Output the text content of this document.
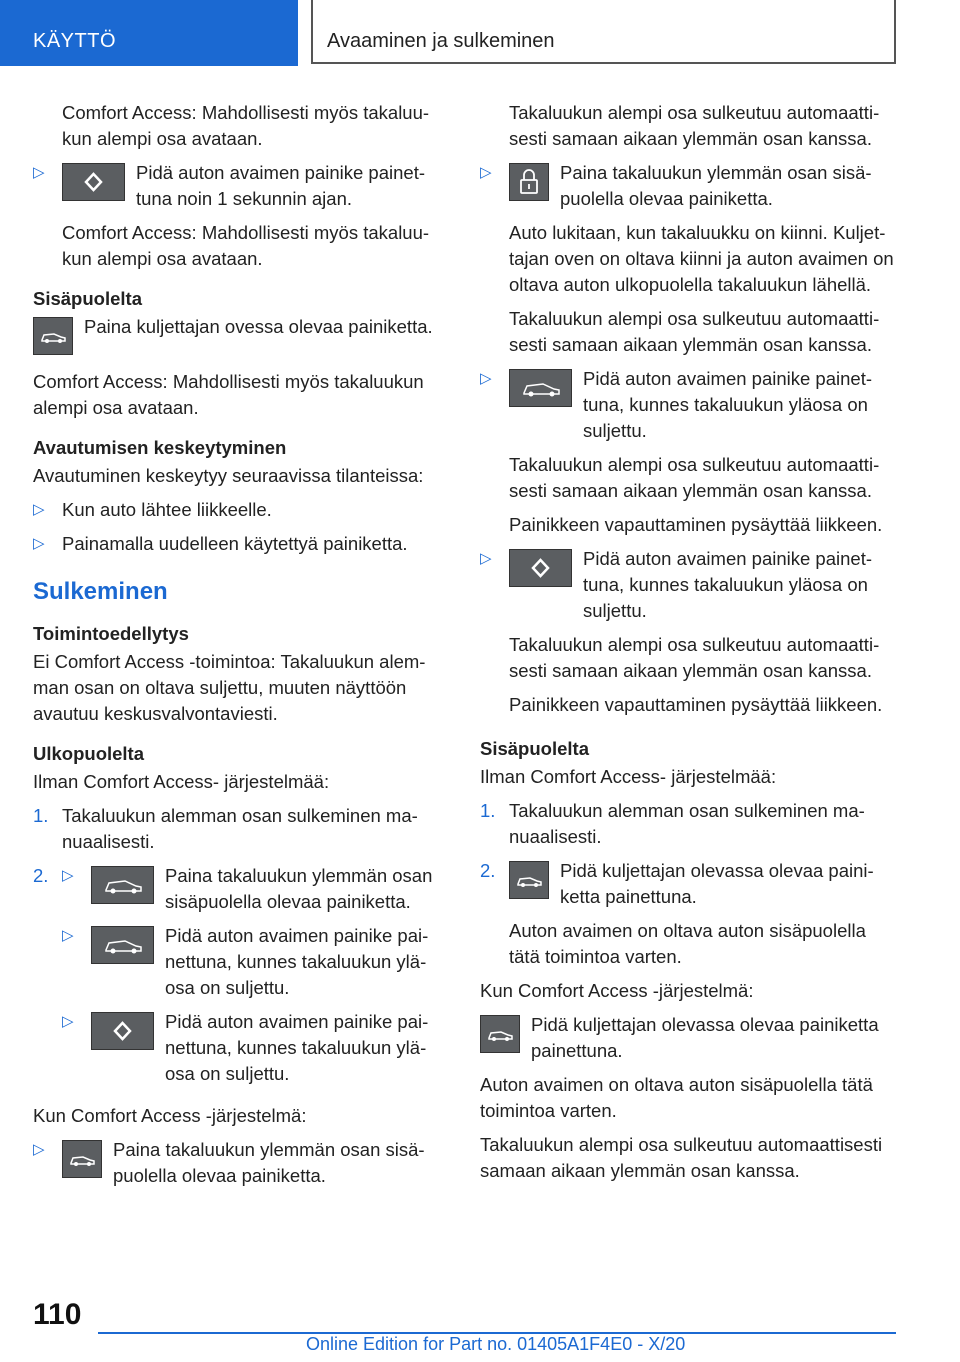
KÄYTTÖ	Avaaminen ja sulkeminen

Comfort Access: Mahdollisesti myös takaluukun alempi osa avataan.

▷	Pidä auton avaimen painike painettuna noin 1 sekunnin ajan.

Comfort Access: Mahdollisesti myös takaluukun alempi osa avataan.

Sisäpuolelta
Paina kuljettajan ovessa olevaa painiketta.

Comfort Access: Mahdollisesti myös takaluukun alempi osa avataan.

Avautumisen keskeytyminen

Avautuminen keskeytyy seuraavissa tilanteissa:

▷ Kun auto lähtee liikkeelle.
▷ Painamalla uudelleen käytettyä painiketta.
Sulkeminen
Toimintoedellytys

Ei Comfort Access ‑toimintoa: Takaluukun alemman osan on oltava suljettu, muuten näyttöön avautuu keskusvalvontaviesti.

Ulkopuolelta

Ilman Comfort Access‑ järjestelmää:

1. Takaluukun alemman osan sulkeminen manuaalisesti.
2. ▷	Paina takaluukun ylemmän osan sisäpuolella olevaa painiketta.
▷	Pidä auton avaimen painike painettuna, kunnes takaluukun yläosa on suljettu.
▷	Pidä auton avaimen painike painettuna, kunnes takaluukun yläosa on suljettu.

Kun Comfort Access ‑järjestelmä:

▷	Paina takaluukun ylemmän osan sisäpuolella olevaa painiketta.

Takaluukun alempi osa sulkeutuu automaattisesti samaan aikaan ylemmän osan kanssa.

▷	Paina takaluukun ylemmän osan sisäpuolella olevaa painiketta.

Auto lukitaan, kun takaluukku on kiinni. Kuljettajan oven on oltava kiinni ja auton avaimen on oltava auton ulkopuolella takaluukun lähellä.

Takaluukun alempi osa sulkeutuu automaattisesti samaan aikaan ylemmän osan kanssa.

▷	Pidä auton avaimen painike painettuna, kunnes takaluukun yläosa on suljettu.

Takaluukun alempi osa sulkeutuu automaattisesti samaan aikaan ylemmän osan kanssa.

Painikkeen vapauttaminen pysäyttää liikkeen.

▷	Pidä auton avaimen painike painettuna, kunnes takaluukun yläosa on suljettu.

Takaluukun alempi osa sulkeutuu automaattisesti samaan aikaan ylemmän osan kanssa.

Painikkeen vapauttaminen pysäyttää liikkeen.

Sisäpuolelta

Ilman Comfort Access‑ järjestelmää:

1. Takaluukun alemman osan sulkeminen manuaalisesti.
2.	Pidä kuljettajan olevassa olevaa painiketta painettuna.

Auton avaimen on oltava auton sisäpuolella tätä toimintoa varten.

Kun Comfort Access ‑järjestelmä:

Pidä kuljettajan olevassa olevaa painiketta painettuna.

Auton avaimen on oltava auton sisäpuolella tätä toimintoa varten.

Takaluukun alempi osa sulkeutuu automaattisesti samaan aikaan ylemmän osan kanssa.

110
Online Edition for Part no. 01405A1F4E0 - X/20
